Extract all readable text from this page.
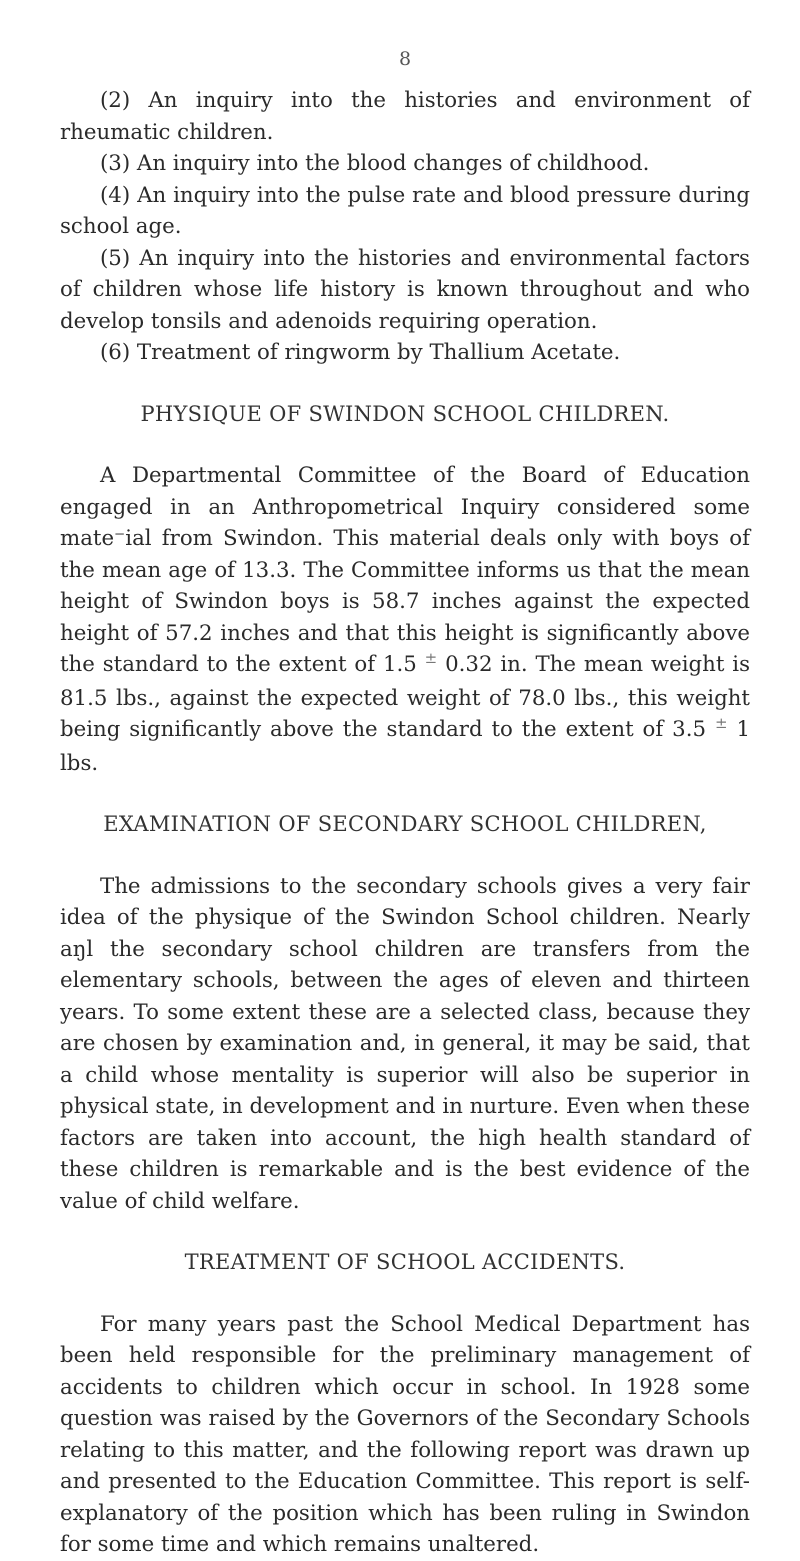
8

(2) An inquiry into the histories and environment of rheumatic children.

(3) An inquiry into the blood changes of childhood.

(4) An inquiry into the pulse rate and blood pressure during school age.

(5) An inquiry into the histories and environmental factors of children whose life history is known throughout and who develop tonsils and adenoids requiring operation.

(6) Treatment of ringworm by Thallium Acetate.

PHYSIQUE OF SWINDON SCHOOL CHILDREN.

A Departmental Committee of the Board of Education engaged in an Anthropometrical Inquiry considered some mate⁻ial from Swindon. This material deals only with boys of the mean age of 13.3. The Committee informs us that the mean height of Swindon boys is 58.7 inches against the expected height of 57.2 inches and that this height is significantly above the standard to the extent of 1.5 ± 0.32 in. The mean weight is 81.5 lbs., against the expected weight of 78.0 lbs., this weight being significantly above the standard to the extent of 3.5 ± 1 lbs.

EXAMINATION OF SECONDARY SCHOOL CHILDREN,

The admissions to the secondary schools gives a very fair idea of the physique of the Swindon School children. Nearly aŋl the secondary school children are transfers from the elementary schools, between the ages of eleven and thirteen years. To some extent these are a selected class, because they are chosen by examination and, in general, it may be said, that a child whose mentality is superior will also be superior in physical state, in development and in nurture. Even when these factors are taken into account, the high health standard of these children is remarkable and is the best evidence of the value of child welfare.

TREATMENT OF SCHOOL ACCIDENTS.

For many years past the School Medical Department has been held responsible for the preliminary management of accidents to children which occur in school. In 1928 some question was raised by the Governors of the Secondary Schools relating to this matter, and the following report was drawn up and presented to the Education Committee. This report is self-explanatory of the position which has been ruling in Swindon for some time and which remains unaltered.
